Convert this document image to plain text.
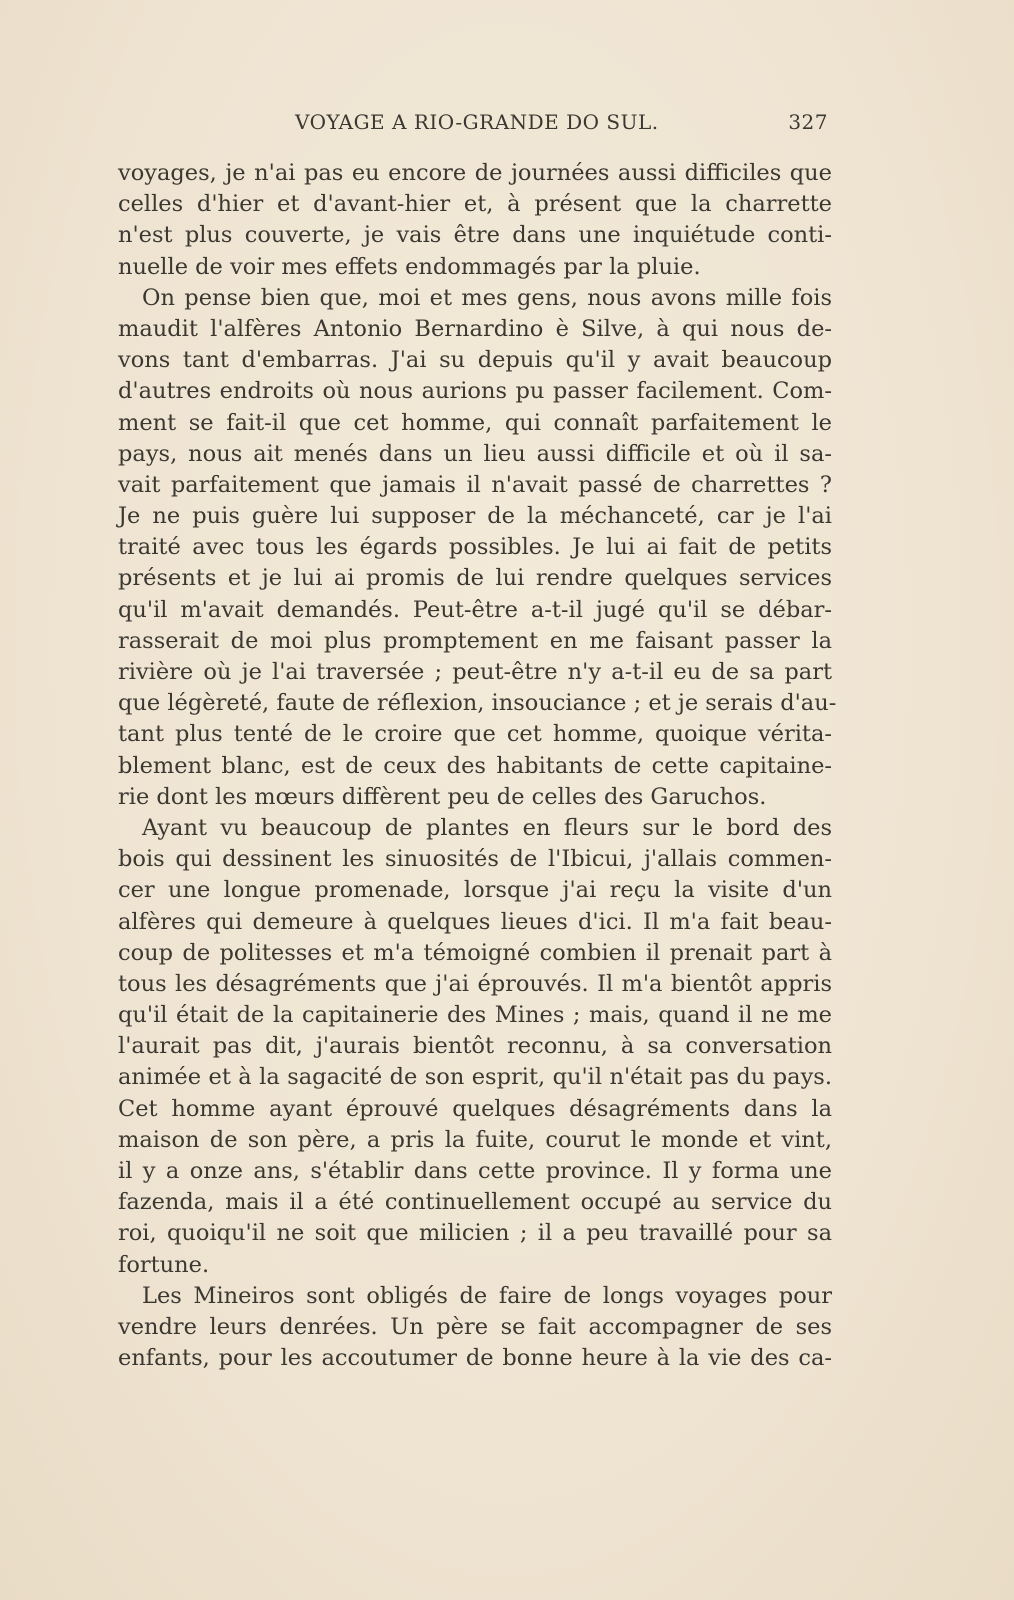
VOYAGE A RIO-GRANDE DO SUL.	327
voyages, je n'ai pas eu encore de journées aussi difficiles que
celles d'hier et d'avant-hier et, à présent que la charrette
n'est plus couverte, je vais être dans une inquiétude conti-
nuelle de voir mes effets endommagés par la pluie.
On pense bien que, moi et mes gens, nous avons mille fois
maudit l'alfères Antonio Bernardino è Silve, à qui nous de-
vons tant d'embarras. J'ai su depuis qu'il y avait beaucoup
d'autres endroits où nous aurions pu passer facilement. Com-
ment se fait-il que cet homme, qui connaît parfaitement le
pays, nous ait menés dans un lieu aussi difficile et où il sa-
vait parfaitement que jamais il n'avait passé de charrettes ?
Je ne puis guère lui supposer de la méchanceté, car je l'ai
traité avec tous les égards possibles. Je lui ai fait de petits
présents et je lui ai promis de lui rendre quelques services
qu'il m'avait demandés. Peut-être a-t-il jugé qu'il se débar-
rasserait de moi plus promptement en me faisant passer la
rivière où je l'ai traversée ; peut-être n'y a-t-il eu de sa part
que légèreté, faute de réflexion, insouciance ; et je serais d'au-
tant plus tenté de le croire que cet homme, quoique vérita-
blement blanc, est de ceux des habitants de cette capitaine-
rie dont les mœurs diffèrent peu de celles des Garuchos.
Ayant vu beaucoup de plantes en fleurs sur le bord des
bois qui dessinent les sinuosités de l'Ibicui, j'allais commen-
cer une longue promenade, lorsque j'ai reçu la visite d'un
alfères qui demeure à quelques lieues d'ici. Il m'a fait beau-
coup de politesses et m'a témoigné combien il prenait part à
tous les désagréments que j'ai éprouvés. Il m'a bientôt appris
qu'il était de la capitainerie des Mines ; mais, quand il ne me
l'aurait pas dit, j'aurais bientôt reconnu, à sa conversation
animée et à la sagacité de son esprit, qu'il n'était pas du pays.
Cet homme ayant éprouvé quelques désagréments dans la
maison de son père, a pris la fuite, courut le monde et vint,
il y a onze ans, s'établir dans cette province. Il y forma une
fazenda, mais il a été continuellement occupé au service du
roi, quoiqu'il ne soit que milicien ; il a peu travaillé pour sa
fortune.
Les Mineiros sont obligés de faire de longs voyages pour
vendre leurs denrées. Un père se fait accompagner de ses
enfants, pour les accoutumer de bonne heure à la vie des ca-
